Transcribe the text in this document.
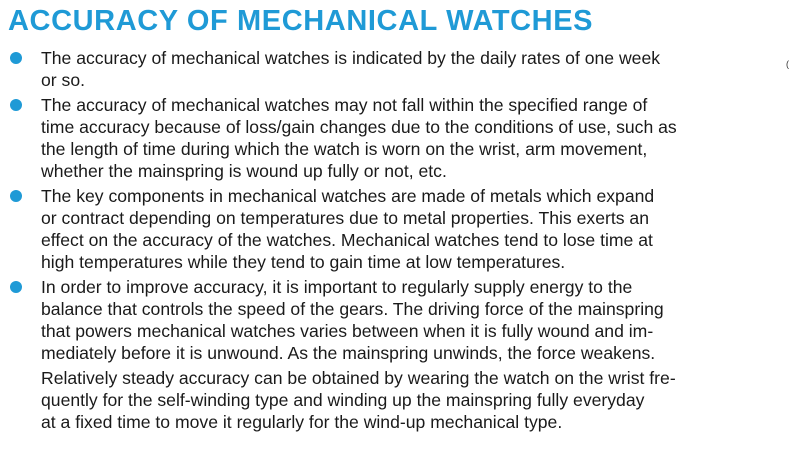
ACCURACY OF MECHANICAL WATCHES
(
The accuracy of mechanical watches is indicated by the daily rates of one week
or so.
The accuracy of mechanical watches may not fall within the specified range of
time accuracy because of loss/gain changes due to the conditions of use, such as
the length of time during which the watch is worn on the wrist, arm movement,
whether the mainspring is wound up fully or not, etc.
The key components in mechanical watches are made of metals which expand
or contract depending on temperatures due to metal properties. This exerts an
effect on the accuracy of the watches. Mechanical watches tend to lose time at
high temperatures while they tend to gain time at low temperatures.
In order to improve accuracy, it is important to regularly supply energy to the
balance that controls the speed of the gears. The driving force of the mainspring
that powers mechanical watches varies between when it is fully wound and im-
mediately before it is unwound. As the mainspring unwinds, the force weakens.
Relatively steady accuracy can be obtained by wearing the watch on the wrist fre-
quently for the self-winding type and winding up the mainspring fully everyday
at a fixed time to move it regularly for the wind-up mechanical type.
